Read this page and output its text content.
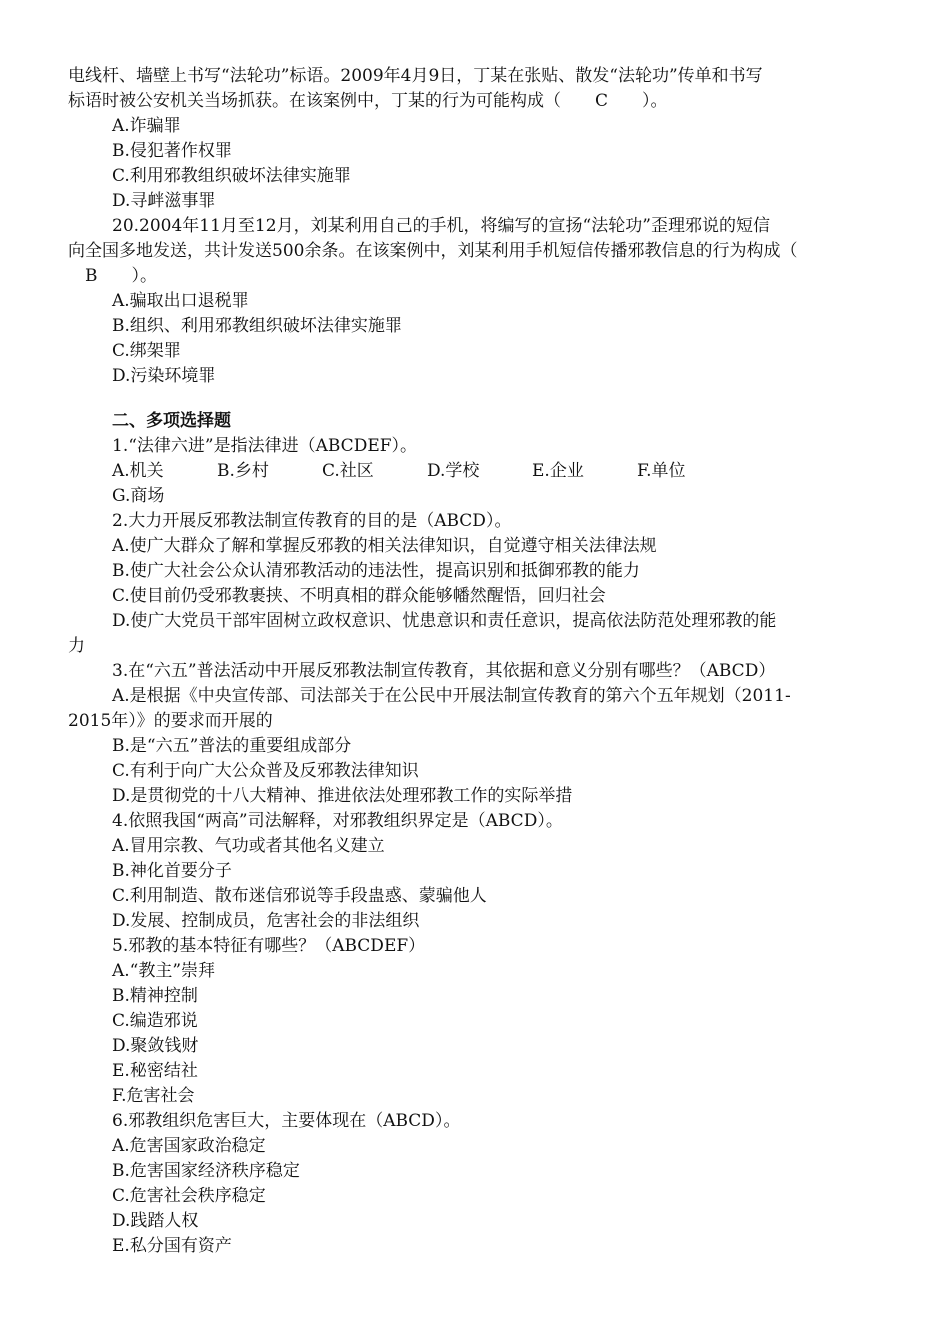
电线杆、墙壁上书写“法轮功”标语。2009年4月9日，丁某在张贴、散发“法轮功”传单和书写
标语时被公安机关当场抓获。在该案例中，丁某的行为可能构成（　　C　　）。
A.诈骗罪
B.侵犯著作权罪
C.利用邪教组织破坏法律实施罪
D.寻衅滋事罪
20.2004年11月至12月，刘某利用自己的手机，将编写的宣扬“法轮功”歪理邪说的短信
向全国多地发送，共计发送500余条。在该案例中，刘某利用手机短信传播邪教信息的行为构成（
　B　　）。
A.骗取出口退税罪
B.组织、利用邪教组织破坏法律实施罪
C.绑架罪
D.污染环境罪
二、多项选择题
1.“法律六进”是指法律进（ABCDEF）。
A.机关	B.乡村	C.社区	D.学校	E.企业	F.单位
G.商场
2.大力开展反邪教法制宣传教育的目的是（ABCD）。
A.使广大群众了解和掌握反邪教的相关法律知识，自觉遵守相关法律法规
B.使广大社会公众认清邪教活动的违法性，提高识别和抵御邪教的能力
C.使目前仍受邪教裹挟、不明真相的群众能够幡然醒悟，回归社会
D.使广大党员干部牢固树立政权意识、忧患意识和责任意识，提高依法防范处理邪教的能
力
3.在“六五”普法活动中开展反邪教法制宣传教育，其依据和意义分别有哪些？（ABCD）
A.是根据《中央宣传部、司法部关于在公民中开展法制宣传教育的第六个五年规划（2011-
2015年）》的要求而开展的
B.是“六五”普法的重要组成部分
C.有利于向广大公众普及反邪教法律知识
D.是贯彻党的十八大精神、推进依法处理邪教工作的实际举措
4.依照我国“两高”司法解释，对邪教组织界定是（ABCD）。
A.冒用宗教、气功或者其他名义建立
B.神化首要分子
C.利用制造、散布迷信邪说等手段蛊惑、蒙骗他人
D.发展、控制成员，危害社会的非法组织
5.邪教的基本特征有哪些？（ABCDEF）
A.“教主”崇拜
B.精神控制
C.编造邪说
D.聚敛钱财
E.秘密结社
F.危害社会
6.邪教组织危害巨大，主要体现在（ABCD）。
A.危害国家政治稳定
B.危害国家经济秩序稳定
C.危害社会秩序稳定
D.践踏人权
E.私分国有资产
